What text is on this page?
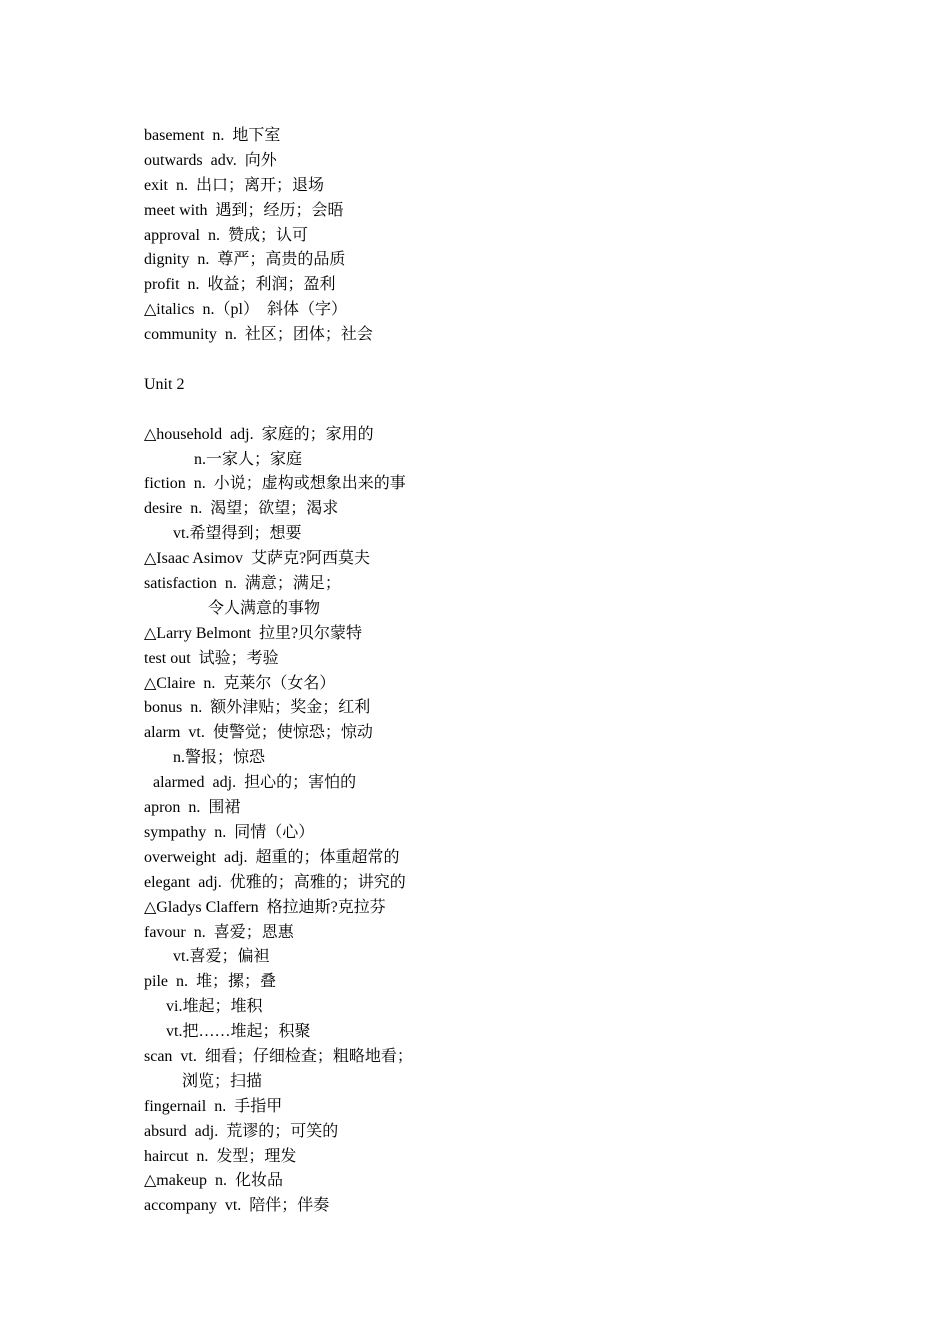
basement  n.  地下室
outwards  adv.  向外
exit  n.  出口；离开；退场
meet with  遇到；经历；会晤
approval  n.  赞成；认可
dignity  n.  尊严；高贵的品质
profit  n.  收益；利润；盈利
△italics  n.（pl）  斜体（字）
community  n.  社区；团体；社会
Unit 2
△household  adj.  家庭的；家用的
n.一家人；家庭
fiction  n.  小说；虚构或想象出来的事
desire  n.  渴望；欲望；渴求
vt.希望得到；想要
△Isaac Asimov  艾萨克?阿西莫夫
satisfaction  n.  满意；满足；
令人满意的事物
△Larry Belmont  拉里?贝尔蒙特
test out  试验；考验
△Claire  n.  克莱尔（女名）
bonus  n.  额外津贴；奖金；红利
alarm  vt.  使警觉；使惊恐；惊动
n.警报；惊恐
alarmed  adj.  担心的；害怕的
apron  n.  围裙
sympathy  n.  同情（心）
overweight  adj.  超重的；体重超常的
elegant  adj.  优雅的；高雅的；讲究的
△Gladys Claffern  格拉迪斯?克拉芬
favour  n.  喜爱；恩惠
vt.喜爱；偏袒
pile  n.  堆；摞；叠
vi.堆起；堆积
vt.把……堆起；积聚
scan  vt.  细看；仔细检查；粗略地看；
浏览；扫描
fingernail  n.  手指甲
absurd  adj.  荒谬的；可笑的
haircut  n.  发型；理发
△makeup  n.  化妆品
accompany  vt.  陪伴；伴奏
